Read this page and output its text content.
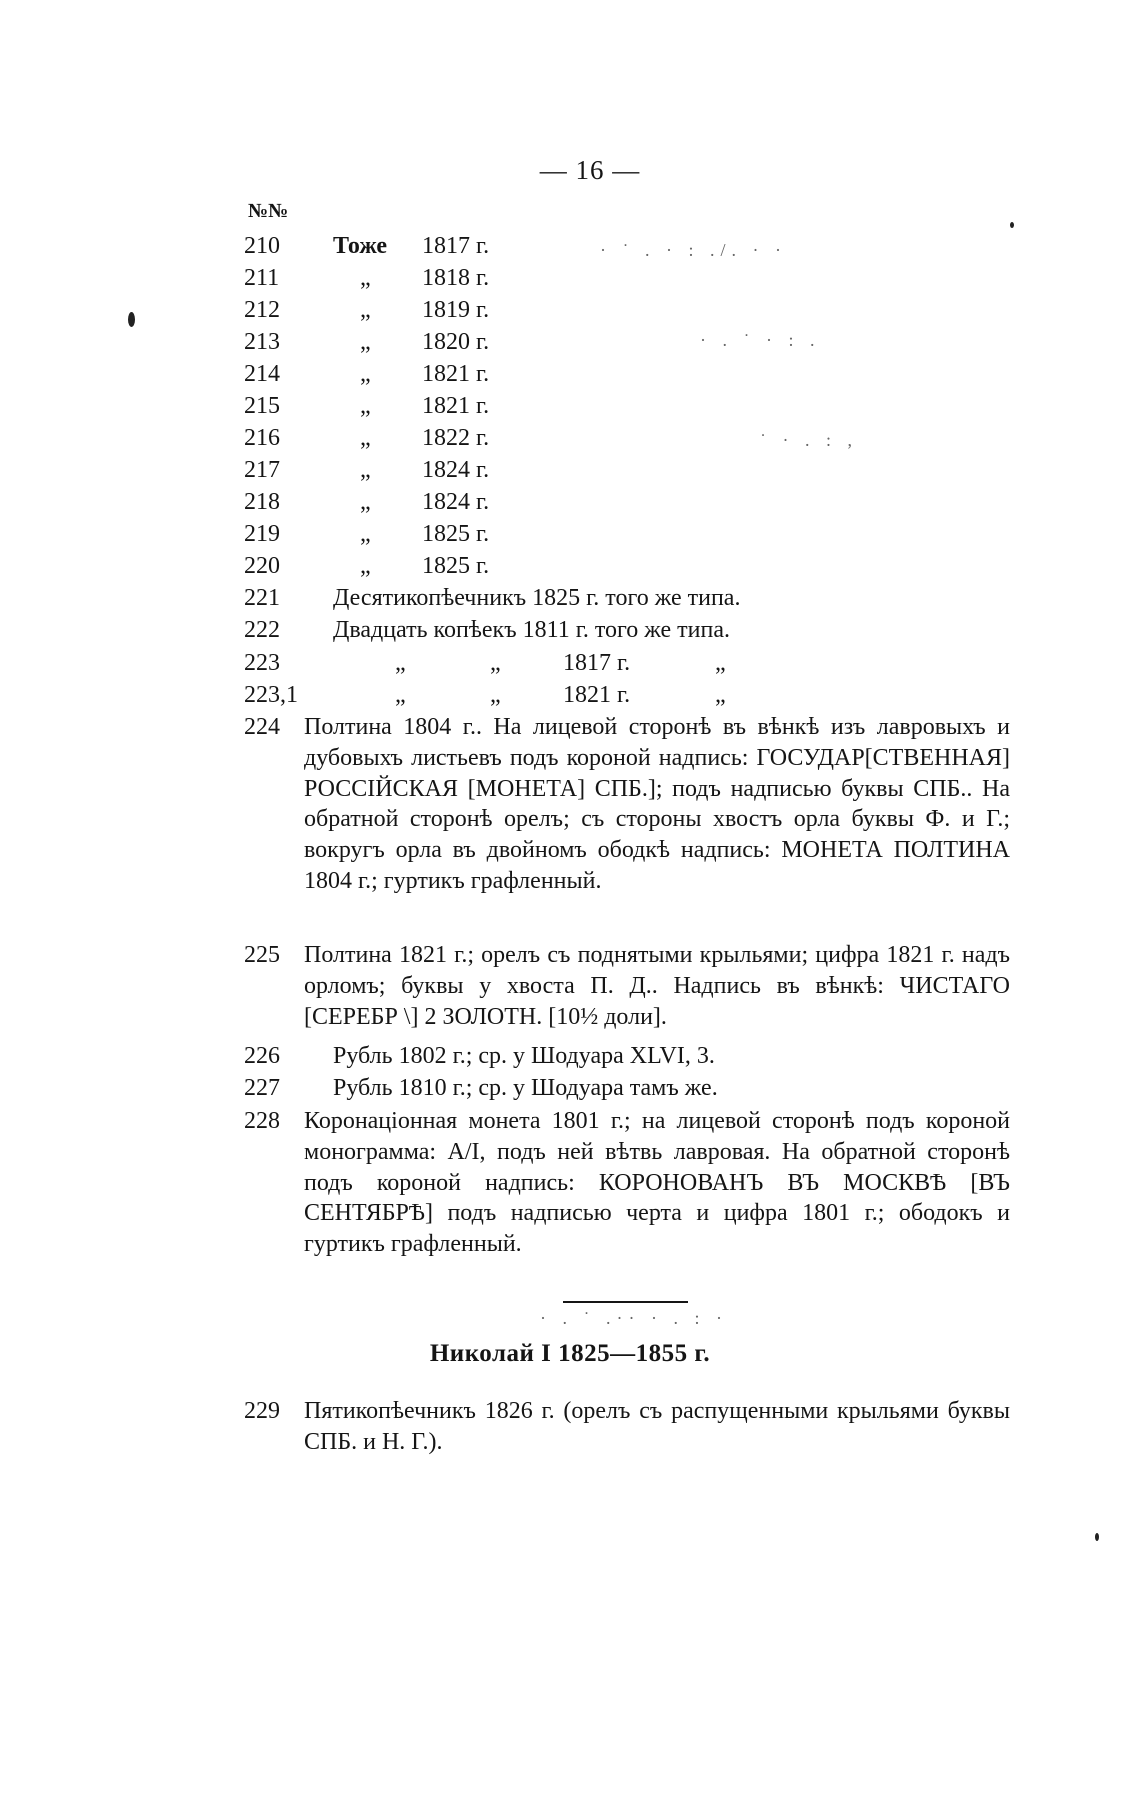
— 16 —
№№
210 Тоже 1817 г.
211	„ 1818 г.
212	„ 1819 г.
213	„ 1820 г.
214	„ 1821 г.
215	„ 1821 г.
216	„ 1822 г.
217	„ 1824 г.
218	„ 1824 г.
219	„ 1825 г.
220	„ 1825 г.
221 Десятикопѣечникъ 1825 г. того же типа.
222 Двадцать копѣекъ 1811 г. того же типа.
223	„	„	1817 г.	„
223,1	„	„	1821 г.	„
224 Полтина 1804 г.. На лицевой сторонѣ въ вѣнкѣ изъ лавровыхъ и дубовыхъ листьевъ подъ короной надпись: ГОСУДАР[СТВЕННАЯ] РОССІЙСКАЯ [МОНЕТА] СПБ.]; подъ надписью буквы СПБ.. На обратной сторонѣ орелъ; съ стороны хвостъ орла буквы Ф. и Г.; вокругъ орла въ двойномъ ободкѣ надпись: МОНЕТА ПОЛТИНА 1804 г.; гуртикъ графленный.
225 Полтина 1821 г.; орелъ съ поднятыми крыльями; цифра 1821 г. надъ орломъ; буквы у хвоста П. Д.. Надпись въ вѣнкѣ: ЧИСТАГО [СЕРЕБР \] 2 ЗОЛОТН. [10½ доли].
226 Рубль 1802 г.; ср. у Шодуара XLVI, 3.
227 Рубль 1810 г.; ср. у Шодуара тамъ же.
228 Коронаціонная монета 1801 г.; на лицевой сторонѣ подъ короной монограмма: A/I, подъ ней вѣтвь лавровая. На обратной сторонѣ подъ короной надпись: КОРОНОВАНЪ ВЪ МОСКВѢ [ВЪ СЕНТЯБРѢ] подъ надписью черта и цифра 1801 г.; ободокъ и гуртикъ графленный.
Николай I 1825—1855 г.
229 Пятикопѣечникъ 1826 г. (орелъ съ распущенными крыльями буквы СПБ. и Н. Г.).
· ˙ . · : ./. · ·
· . ˙ · : .
˙ · . : ,
· . ˙ .·· · . : ·
